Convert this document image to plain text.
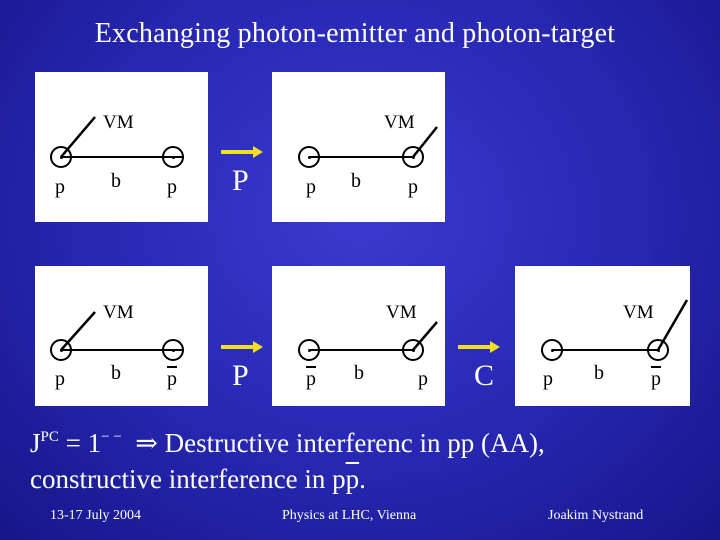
Exchanging photon-emitter and photon-target
VM
p b p P
VM
p b p
VM
p b $\overline{p}$ P
VM
$\overline{p}$ b	p C
VM
p b $\overline{p}$
$J^{PC} = 1^{- -}$ ⇒ Destructive interferenc in pp (AA),
constructive interference in $p\overline{p}$.
13-17 July 2004	Physics at LHC, Vienna	Joakim Nystrand
